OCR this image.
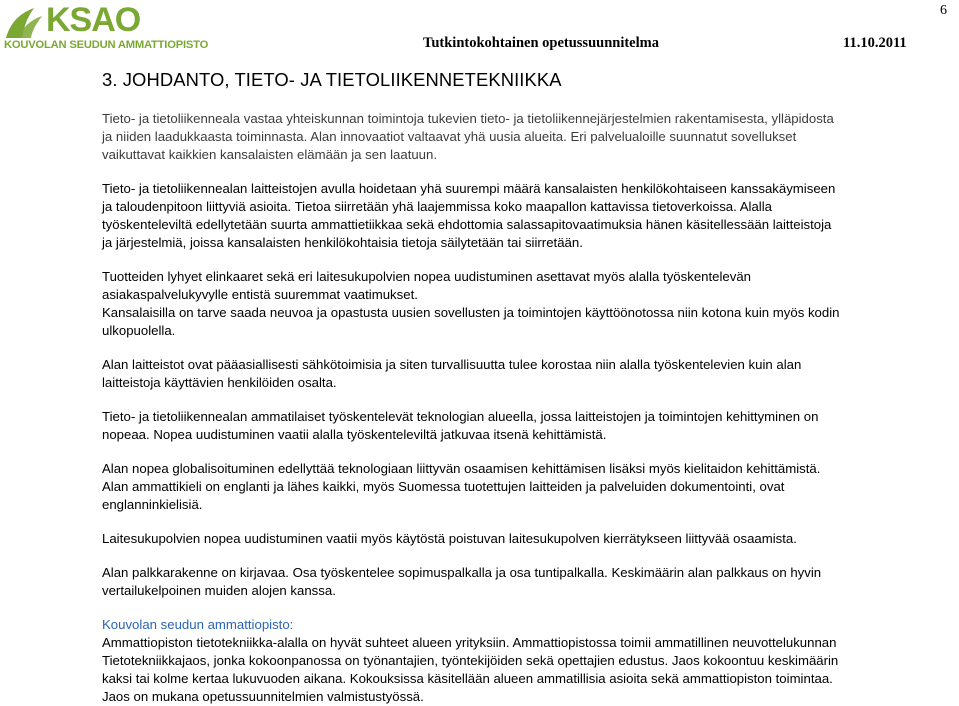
KSAO
KOUVOLAN SEUDUN AMMATTIOPISTO	Tutkintokohtainen opetussuunnitelma	11.10.2011
6
3. JOHDANTO, TIETO- JA TIETOLIIKENNETEKNIIKKA

Tieto- ja tietoliikenneala vastaa yhteiskunnan toimintoja tukevien tieto- ja tietoliikennejärjestelmien rakentamisesta, ylläpidosta
ja niiden laadukkaasta toiminnasta. Alan innovaatiot valtaavat yhä uusia alueita. Eri palvelualoille suunnatut sovellukset
vaikuttavat kaikkien kansalaisten elämään ja sen laatuun.

Tieto- ja tietoliikennealan laitteistojen avulla hoidetaan yhä suurempi määrä kansalaisten henkilökohtaiseen kanssakäymiseen
ja taloudenpitoon liittyviä asioita. Tietoa siirretään yhä laajemmissa koko maapallon kattavissa tietoverkoissa. Alalla
työskenteleviltä edellytetään suurta ammattietiikkaa sekä ehdottomia salassapitovaatimuksia hänen käsitellessään laitteistoja
ja järjestelmiä, joissa kansalaisten henkilökohtaisia tietoja säilytetään tai siirretään.

Tuotteiden lyhyet elinkaaret sekä eri laitesukupolvien nopea uudistuminen asettavat myös alalla työskentelevän
asiakaspalvelukyvylle entistä suuremmat vaatimukset.
Kansalaisilla on tarve saada neuvoa ja opastusta uusien sovellusten ja toimintojen käyttöönotossa niin kotona kuin myös kodin
ulkopuolella.

Alan laitteistot ovat pääasiallisesti sähkötoimisia ja siten turvallisuutta tulee korostaa niin alalla työskentelevien kuin alan
laitteistoja käyttävien henkilöiden osalta.

Tieto- ja tietoliikennealan ammatilaiset työskentelevät teknologian alueella, jossa laitteistojen ja toimintojen kehittyminen on
nopeaa. Nopea uudistuminen vaatii alalla työskenteleviltä jatkuvaa itsenä kehittämistä.

Alan nopea globalisoituminen edellyttää teknologiaan liittyvän osaamisen kehittämisen lisäksi myös kielitaidon kehittämistä.
Alan ammattikieli on englanti ja lähes kaikki, myös Suomessa tuotettujen laitteiden ja palveluiden dokumentointi, ovat
englanninkielisiä.

Laitesukupolvien nopea uudistuminen vaatii myös käytöstä poistuvan laitesukupolven kierrätykseen liittyvää osaamista.

Alan palkkarakenne on kirjavaa. Osa työskentelee sopimuspalkalla ja osa tuntipalkalla. Keskimäärin alan palkkaus on hyvin
vertailukelpoinen muiden alojen kanssa.

Kouvolan seudun ammattiopisto:
Ammattiopiston tietotekniikka-alalla on hyvät suhteet alueen yrityksiin. Ammattiopistossa toimii ammatillinen neuvottelukunnan
Tietotekniikkajaos, jonka kokoonpanossa on työnantajien, työntekijöiden sekä opettajien edustus. Jaos kokoontuu keskimäärin
kaksi tai kolme kertaa lukuvuoden aikana. Kokouksissa käsitellään alueen ammatillisia asioita sekä ammattiopiston toimintaa.
Jaos on mukana opetussuunnitelmien valmistustyössä.
